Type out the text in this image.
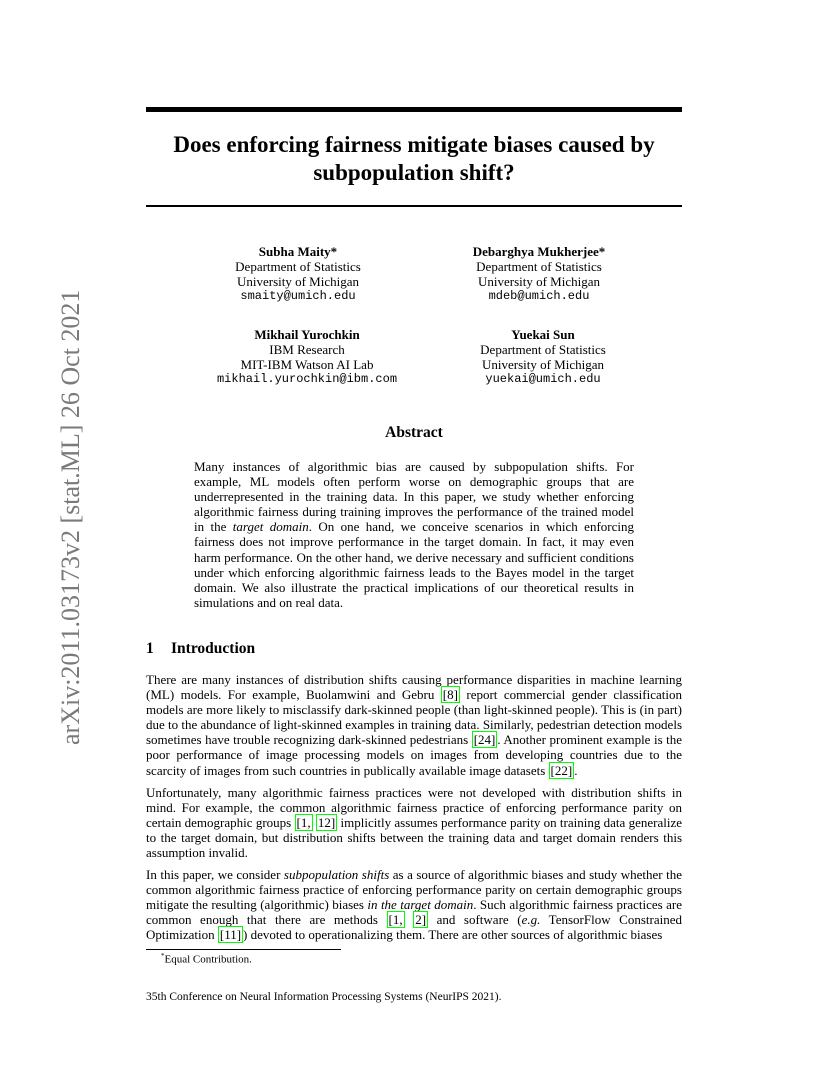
arXiv:2011.03173v2 [stat.ML] 26 Oct 2021
Does enforcing fairness mitigate biases caused by
subpopulation shift?
Subha Maity*
Department of Statistics
University of Michigan
smaity@umich.edu
Debarghya Mukherjee*
Department of Statistics
University of Michigan
mdeb@umich.edu
Mikhail Yurochkin
IBM Research
MIT-IBM Watson AI Lab
mikhail.yurochkin@ibm.com
Yuekai Sun
Department of Statistics
University of Michigan
yuekai@umich.edu
Abstract
Many instances of algorithmic bias are caused by subpopulation shifts. For example, ML models often perform worse on demographic groups that are underrepresented in the training data. In this paper, we study whether enforcing algorithmic fairness during training improves the performance of the trained model in the target domain. On one hand, we conceive scenarios in which enforcing fairness does not improve performance in the target domain. In fact, it may even harm performance. On the other hand, we derive necessary and sufficient conditions under which enforcing algorithmic fairness leads to the Bayes model in the target domain. We also illustrate the practical implications of our theoretical results in simulations and on real data.
1 Introduction
There are many instances of distribution shifts causing performance disparities in machine learning (ML) models. For example, Buolamwini and Gebru [8] report commercial gender classification models are more likely to misclassify dark-skinned people (than light-skinned people). This is (in part) due to the abundance of light-skinned examples in training data. Similarly, pedestrian detection models sometimes have trouble recognizing dark-skinned pedestrians [24] . Another prominent example is the poor performance of image processing models on images from developing countries due to the scarcity of images from such countries in publically available image datasets [22] .
Unfortunately, many algorithmic fairness practices were not developed with distribution shifts in mind. For example, the common algorithmic fairness practice of enforcing performance parity on certain demographic groups [1, 12] implicitly assumes performance parity on training data generalize to the target domain, but distribution shifts between the training data and target domain renders this assumption invalid.
In this paper, we consider subpopulation shifts as a source of algorithmic biases and study whether the common algorithmic fairness practice of enforcing performance parity on certain demographic groups mitigate the resulting (algorithmic) biases in the target domain. Such algorithmic fairness practices are common enough that there are methods [1, 2] and software (e.g. TensorFlow Constrained Optimization [11] ) devoted to operationalizing them. There are other sources of algorithmic biases
*Equal Contribution.
35th Conference on Neural Information Processing Systems (NeurIPS 2021).
